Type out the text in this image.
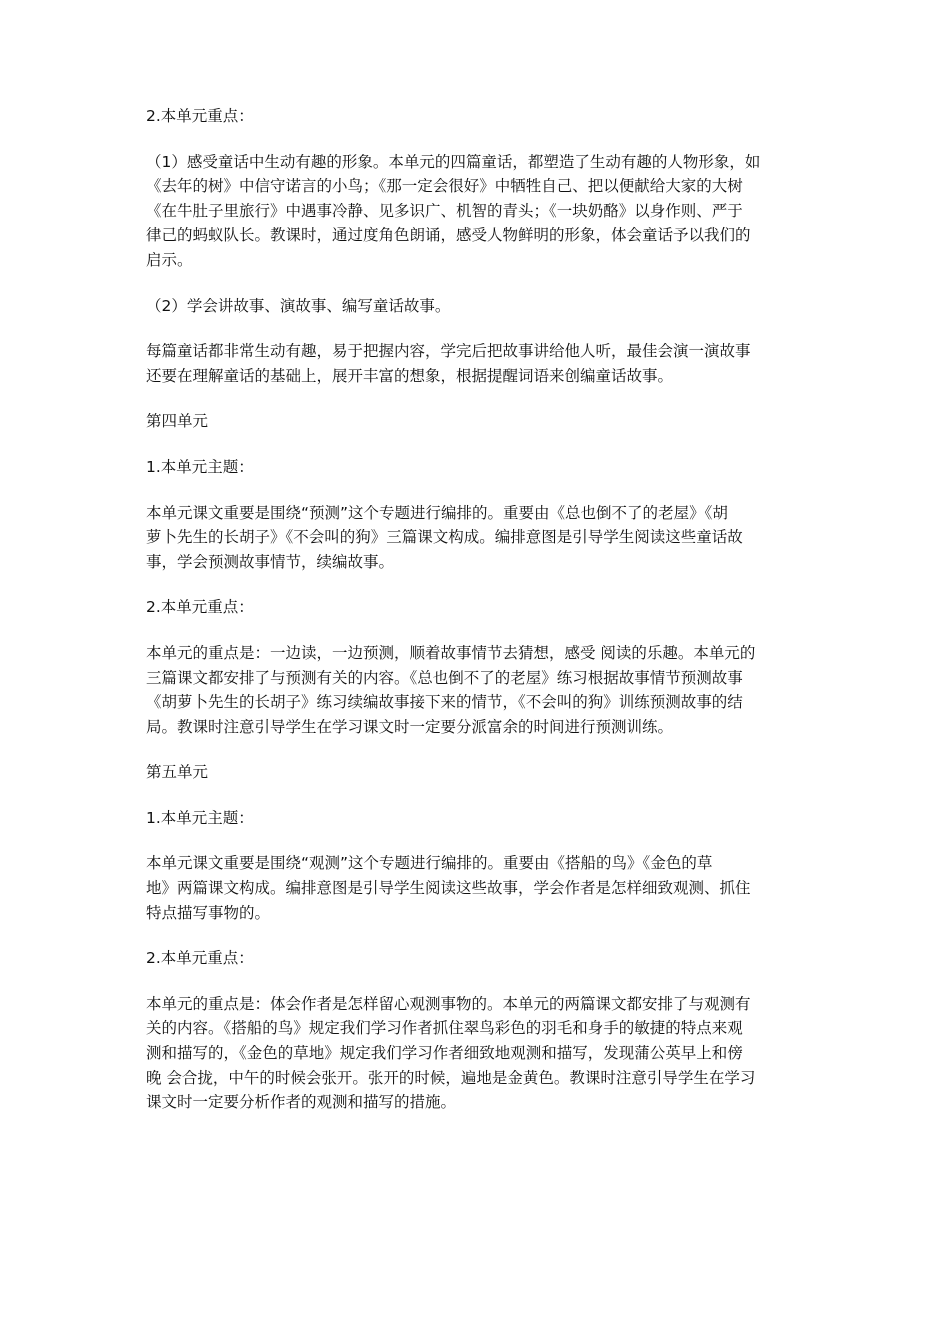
2.本单元重点：
（1）感受童话中生动有趣的形象。本单元的四篇童话，都塑造了生动有趣的人物形象，如
《去年的树》中信守诺言的小鸟；《那一定会很好》中牺牲自己、把以便献给大家的大树
《在牛肚子里旅行》中遇事冷静、见多识广、机智的青头；《一块奶酪》以身作则、严于
律己的蚂蚁队长。教课时，通过度角色朗诵，感受人物鲜明的形象，体会童话予以我们的
启示。
（2）学会讲故事、演故事、编写童话故事。
每篇童话都非常生动有趣，易于把握内容，学完后把故事讲给他人听，最佳会演一演故事
还要在理解童话的基础上，展开丰富的想象，根据提醒词语来创编童话故事。
第四单元
1.本单元主题：
本单元课文重要是围绕“预测”这个专题进行编排的。重要由《总也倒不了的老屋》《胡
萝卜先生的长胡子》《不会叫的狗》三篇课文构成。编排意图是引导学生阅读这些童话故
事，学会预测故事情节，续编故事。
2.本单元重点：
本单元的重点是：一边读，一边预测，顺着故事情节去猜想，感受 阅读的乐趣。本单元的
三篇课文都安排了与预测有关的内容。《总也倒不了的老屋》练习根据故事情节预测故事
《胡萝卜先生的长胡子》练习续编故事接下来的情节，《不会叫的狗》训练预测故事的结
局。教课时注意引导学生在学习课文时一定要分派富余的时间进行预测训练。
第五单元
1.本单元主题：
本单元课文重要是围绕“观测”这个专题进行编排的。重要由《搭船的鸟》《金色的草
地》两篇课文构成。编排意图是引导学生阅读这些故事，学会作者是怎样细致观测、抓住
特点描写事物的。
2.本单元重点：
本单元的重点是：体会作者是怎样留心观测事物的。本单元的两篇课文都安排了与观测有
关的内容。《搭船的鸟》规定我们学习作者抓住翠鸟彩色的羽毛和身手的敏捷的特点来观
测和描写的，《金色的草地》规定我们学习作者细致地观测和描写，发现蒲公英早上和傍
晚 会合拢，中午的时候会张开。张开的时候，遍地是金黄色。教课时注意引导学生在学习
课文时一定要分析作者的观测和描写的措施。
